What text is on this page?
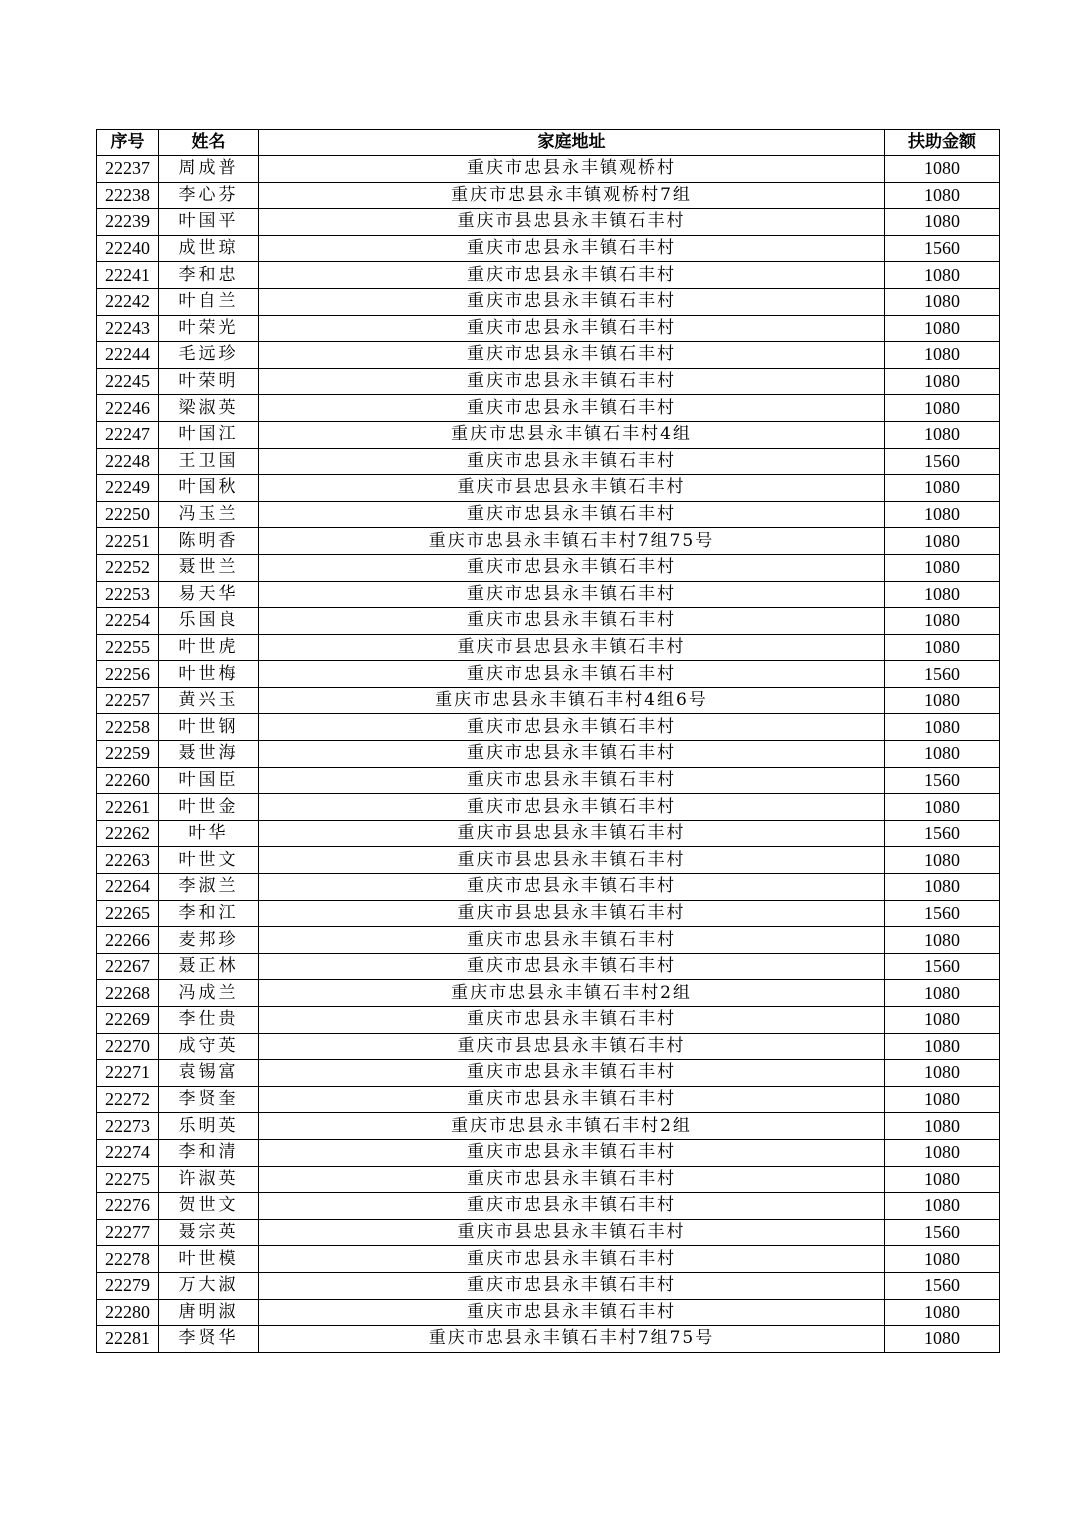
序号	姓名	家庭地址	扶助金额
22237	周成普	重庆市忠县永丰镇观桥村	1080
22238	李心芬	重庆市忠县永丰镇观桥村7组	1080
22239	叶国平	重庆市县忠县永丰镇石丰村	1080
22240	成世琼	重庆市忠县永丰镇石丰村	1560
22241	李和忠	重庆市忠县永丰镇石丰村	1080
22242	叶自兰	重庆市忠县永丰镇石丰村	1080
22243	叶荣光	重庆市忠县永丰镇石丰村	1080
22244	毛远珍	重庆市忠县永丰镇石丰村	1080
22245	叶荣明	重庆市忠县永丰镇石丰村	1080
22246	梁淑英	重庆市忠县永丰镇石丰村	1080
22247	叶国江	重庆市忠县永丰镇石丰村4组	1080
22248	王卫国	重庆市忠县永丰镇石丰村	1560
22249	叶国秋	重庆市县忠县永丰镇石丰村	1080
22250	冯玉兰	重庆市忠县永丰镇石丰村	1080
22251	陈明香	重庆市忠县永丰镇石丰村7组75号	1080
22252	聂世兰	重庆市忠县永丰镇石丰村	1080
22253	易天华	重庆市忠县永丰镇石丰村	1080
22254	乐国良	重庆市忠县永丰镇石丰村	1080
22255	叶世虎	重庆市县忠县永丰镇石丰村	1080
22256	叶世梅	重庆市忠县永丰镇石丰村	1560
22257	黄兴玉	重庆市忠县永丰镇石丰村4组6号	1080
22258	叶世钢	重庆市忠县永丰镇石丰村	1080
22259	聂世海	重庆市忠县永丰镇石丰村	1080
22260	叶国臣	重庆市忠县永丰镇石丰村	1560
22261	叶世金	重庆市忠县永丰镇石丰村	1080
22262	叶华	重庆市县忠县永丰镇石丰村	1560
22263	叶世文	重庆市县忠县永丰镇石丰村	1080
22264	李淑兰	重庆市忠县永丰镇石丰村	1080
22265	李和江	重庆市县忠县永丰镇石丰村	1560
22266	麦邦珍	重庆市忠县永丰镇石丰村	1080
22267	聂正林	重庆市忠县永丰镇石丰村	1560
22268	冯成兰	重庆市忠县永丰镇石丰村2组	1080
22269	李仕贵	重庆市忠县永丰镇石丰村	1080
22270	成守英	重庆市县忠县永丰镇石丰村	1080
22271	袁锡富	重庆市忠县永丰镇石丰村	1080
22272	李贤奎	重庆市忠县永丰镇石丰村	1080
22273	乐明英	重庆市忠县永丰镇石丰村2组	1080
22274	李和清	重庆市忠县永丰镇石丰村	1080
22275	许淑英	重庆市忠县永丰镇石丰村	1080
22276	贺世文	重庆市忠县永丰镇石丰村	1080
22277	聂宗英	重庆市县忠县永丰镇石丰村	1560
22278	叶世模	重庆市忠县永丰镇石丰村	1080
22279	万大淑	重庆市忠县永丰镇石丰村	1560
22280	唐明淑	重庆市忠县永丰镇石丰村	1080
22281	李贤华	重庆市忠县永丰镇石丰村7组75号	1080
